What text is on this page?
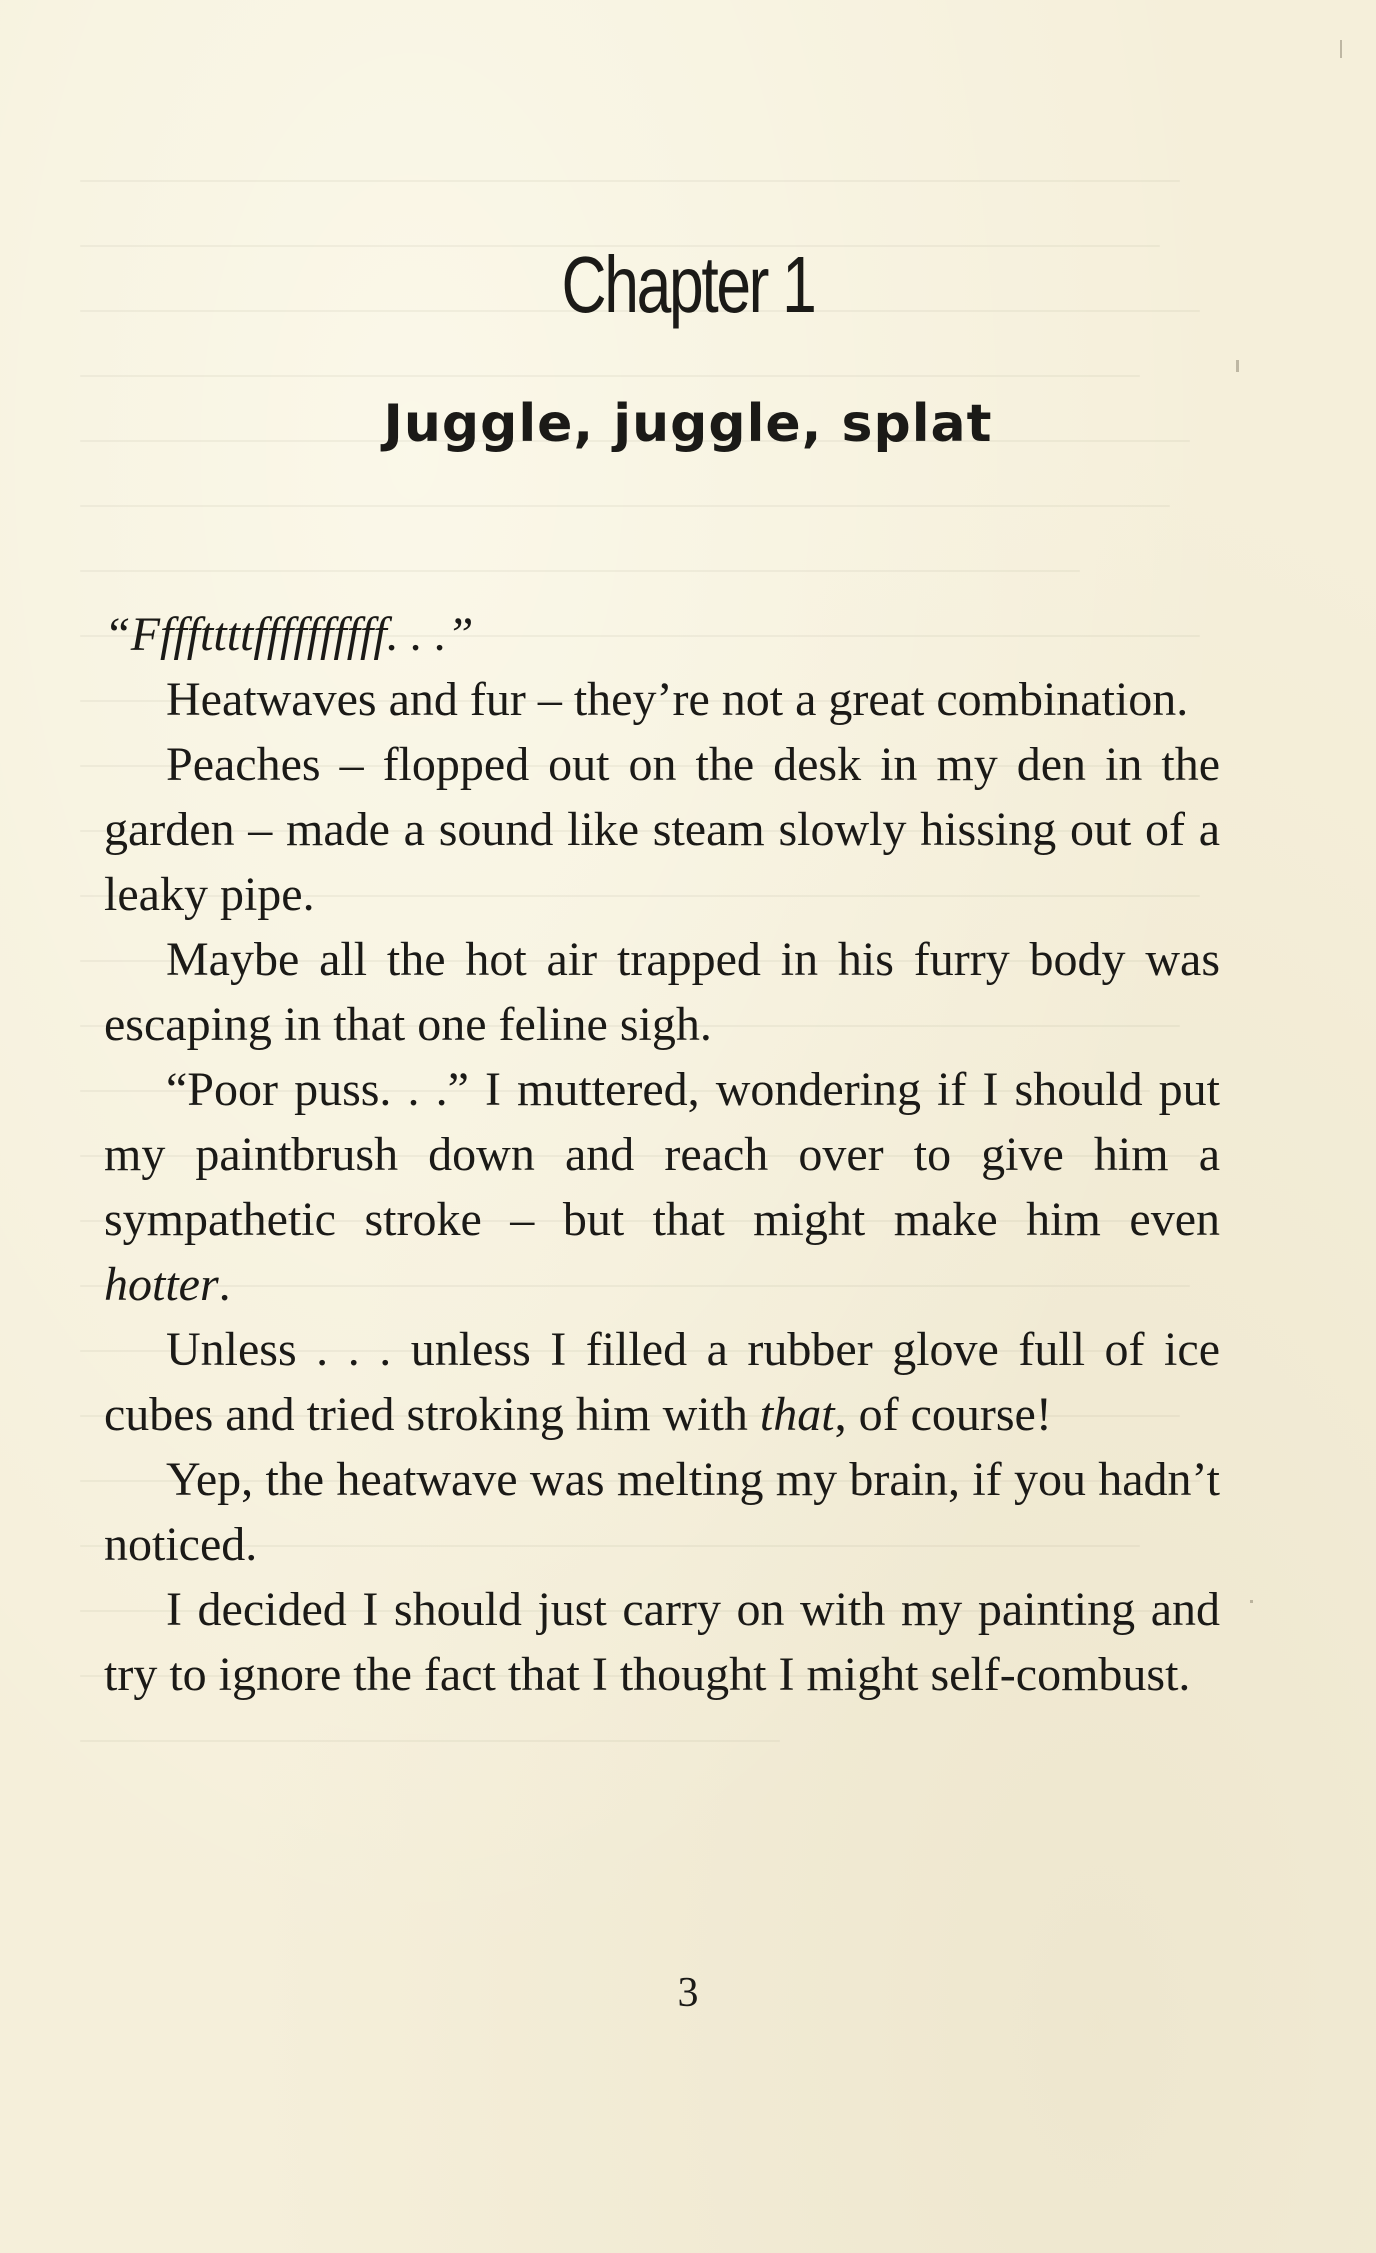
Chapter 1
Juggle, juggle, splat

“Ffffttttffffffffff. . .”

Heatwaves and fur – they’re not a great combination.

Peaches – flopped out on the desk in my den in the garden – made a sound like steam slowly hissing out of a leaky pipe.

Maybe all the hot air trapped in his furry body was escaping in that one feline sigh.

“Poor puss. . .” I muttered, wondering if I should put my paintbrush down and reach over to give him a sympathetic stroke – but that might make him even hotter.

Unless . . . unless I filled a rubber glove full of ice cubes and tried stroking him with that, of course!

Yep, the heatwave was melting my brain, if you hadn’t noticed.

I decided I should just carry on with my painting and try to ignore the fact that I thought I might self-combust.

3
